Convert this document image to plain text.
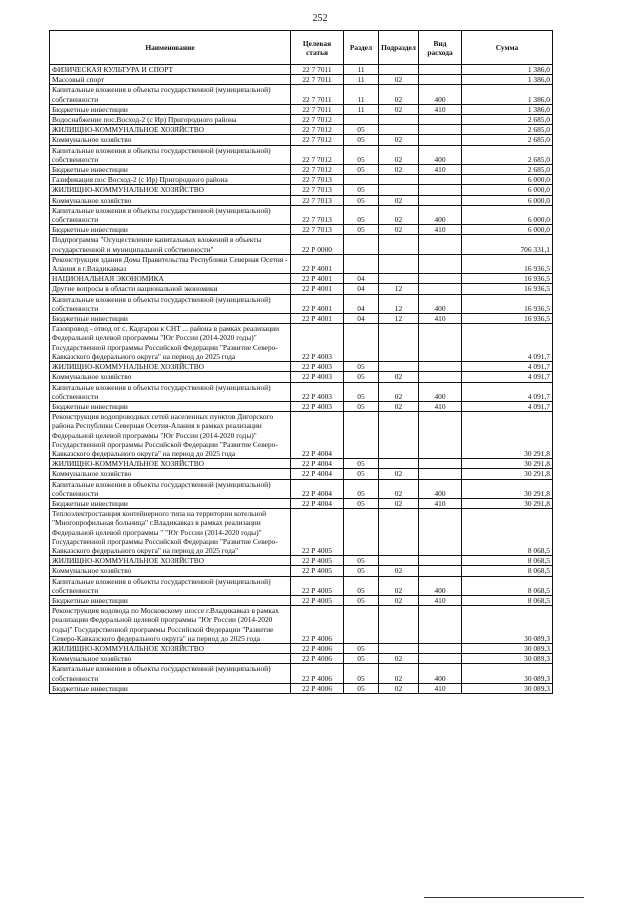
252
Наименование	Целевая статья	Раздел	Подраздел	Вид расхода	Сумма
ФИЗИЧЕСКАЯ КУЛЬТУРА И СПОРТ	22 7 7011	11			1 386,0
Массовый спорт	22 7 7011	11	02		1 386,0
Капитальные вложения в объекты государственной (муниципальной) собственности	22 7 7011	11	02	400	1 386,0
Бюджетные инвестиции	22 7 7011	11	02	410	1 386,0
Водоснабжение пос.Восход-2 (с Ир) Пригородного района	22 7 7012				2 685,0
ЖИЛИЩНО-КОММУНАЛЬНОЕ ХОЗЯЙСТВО	22 7 7012	05			2 685,0
Коммунальное хозяйство	22 7 7012	05	02		2 685,0
Капитальные вложения в объекты государственной (муниципальной) собственности	22 7 7012	05	02	400	2 685,0
Бюджетные инвестиции	22 7 7012	05	02	410	2 685,0
Газификация пос Восход-2 (с Ир) Пригородного района	22 7 7013				6 000,0
ЖИЛИЩНО-КОММУНАЛЬНОЕ ХОЗЯЙСТВО	22 7 7013	05			6 000,0
Коммунальное хозяйство	22 7 7013	05	02		6 000,0
Капитальные вложения в объекты государственной (муниципальной) собственности	22 7 7013	05	02	400	6 000,0
Бюджетные инвестиции	22 7 7013	05	02	410	6 000,0
Подпрограмма "Осуществление капитальных вложений в объекты государственной и муниципальной собственности"	22 Р 0000				706 331,1
Реконструкция здания Дома Правительства Республики Северная Осетия - Алания в г.Владикавказ	22 Р 4001				16 936,5
НАЦИОНАЛЬНАЯ ЭКОНОМИКА	22 Р 4001	04			16 936,5
Другие вопросы в области национальной экономики	22 Р 4001	04	12		16 936,5
Капитальные вложения в объекты государственной (муниципальной) собственности	22 Р 4001	04	12	400	16 936,5
Бюджетные инвестиции	22 Р 4001	04	12	410	16 936,5
Газопровод - отвод от с. Кадгарон к СНТ ... района в рамках реализации Федеральной целевой программы "Юг России (2014-2020 годы)" Государственной программы Российской Федерации "Развитие Северо-Кавказского федерального округа" на период до 2025 года	22 Р 4003				4 091,7
ЖИЛИЩНО-КОММУНАЛЬНОЕ ХОЗЯЙСТВО	22 Р 4003	05			4 091,7
Коммунальное хозяйство	22 Р 4003	05	02		4 091,7
Капитальные вложения в объекты государственной (муниципальной) собственности	22 Р 4003	05	02	400	4 091,7
Бюджетные инвестиции	22 Р 4003	05	02	410	4 091,7
Реконструкция водопроводных сетей населенных пунктов Дигорского района Республики Северная Осетия-Алания в рамках реализации Федеральной целевой программы "Юг России (2014-2020 годы)" Государственной программы Российской Федерации "Развитие Северо-Кавказского федерального округа" на период до 2025 года	22 Р 4004				30 291,8
ЖИЛИЩНО-КОММУНАЛЬНОЕ ХОЗЯЙСТВО	22 Р 4004	05			30 291,8
Коммунальное хозяйство	22 Р 4004	05	02		30 291,8
Капитальные вложения в объекты государственной (муниципальной) собственности	22 Р 4004	05	02	400	30 291,8
Бюджетные инвестиции	22 Р 4004	05	02	410	30 291,8
Теплоэлектростанция контейнерного типа на территории котельной "Многопрофильная больница" г.Владикавказ в рамках реализации Федеральной целевой программы " "Юг России (2014-2020 годы)" Государственной программы Российской Федерации "Развитие Северо-Кавказского федерального округа" на период до 2025 года"	22 Р 4005				8 068,5
ЖИЛИЩНО-КОММУНАЛЬНОЕ ХОЗЯЙСТВО	22 Р 4005	05			8 068,5
Коммунальное хозяйство	22 Р 4005	05	02		8 068,5
Капитальные вложения в объекты государственной (муниципальной) собственности	22 Р 4005	05	02	400	8 068,5
Бюджетные инвестиции	22 Р 4005	05	02	410	8 068,5
Реконструкция водовода по Московскому шоссе г.Владикавказ в рамках реализации Федеральной целевой программы "Юг России (2014-2020 годы)" Государственной программы Российской Федерации "Развитие Северо-Кавказского федерального округа" на период до 2025 года	22 Р 4006				30 089,3
ЖИЛИЩНО-КОММУНАЛЬНОЕ ХОЗЯЙСТВО	22 Р 4006	05			30 089,3
Коммунальное хозяйство	22 Р 4006	05	02		30 089,3
Капитальные вложения в объекты государственной (муниципальной) собственности	22 Р 4006	05	02	400	30 089,3
Бюджетные инвестиции	22 Р 4006	05	02	410	30 089,3
